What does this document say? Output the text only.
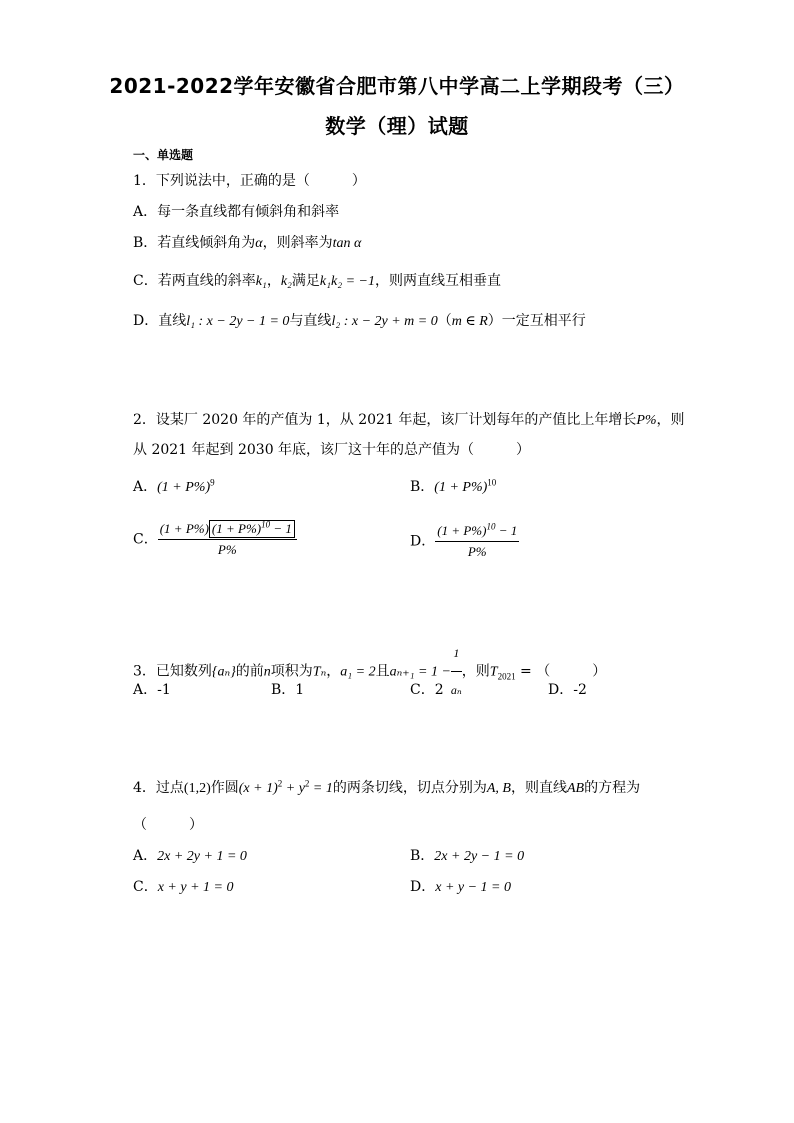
2021-2022学年安徽省合肥市第八中学高二上学期段考（三）
数学（理）试题
一、单选题
1．下列说法中，正确的是（　　　）
A．每一条直线都有倾斜角和斜率
B．若直线倾斜角为α，则斜率为tan α
C．若两直线的斜率k₁，k₂满足k₁k₂ = −1，则两直线互相垂直
D．直线l₁ : x − 2y − 1 = 0与直线l₂ : x − 2y + m = 0（m ∈ R）一定互相平行
2．设某厂 2020 年的产值为 1，从 2021 年起，该厂计划每年的产值比上年增长P%，则
从 2021 年起到 2030 年底，该厂这十年的总产值为（　　　）
A．$(1 + P\%)^9$	B．$(1 + P\%)^{10}$
C． $\frac{(1 + P\%) (1 + P\%)^{10} - 1}{P\%}$	D． $\frac{(1 + P\%)^{10} - 1}{P\%}$
3．已知数列{aₙ}的前n项积为Tₙ，a₁ = 2且$a_{n+1} = 1 - \frac{1}{\text{aₙ}}$ ，则$T_{2021}$ = （　　　）
A．-1	B．1	C．2	D．-2
4．过点(1,2)作圆$(x + 1)^2 + y^2 = 1$的两条切线，切点分别为A, B，则直线AB的方程为
（　　　）
A．2x + 2y + 1 = 0	B．2x + 2y − 1 = 0
C．x + y + 1 = 0	D．x + y − 1 = 0
